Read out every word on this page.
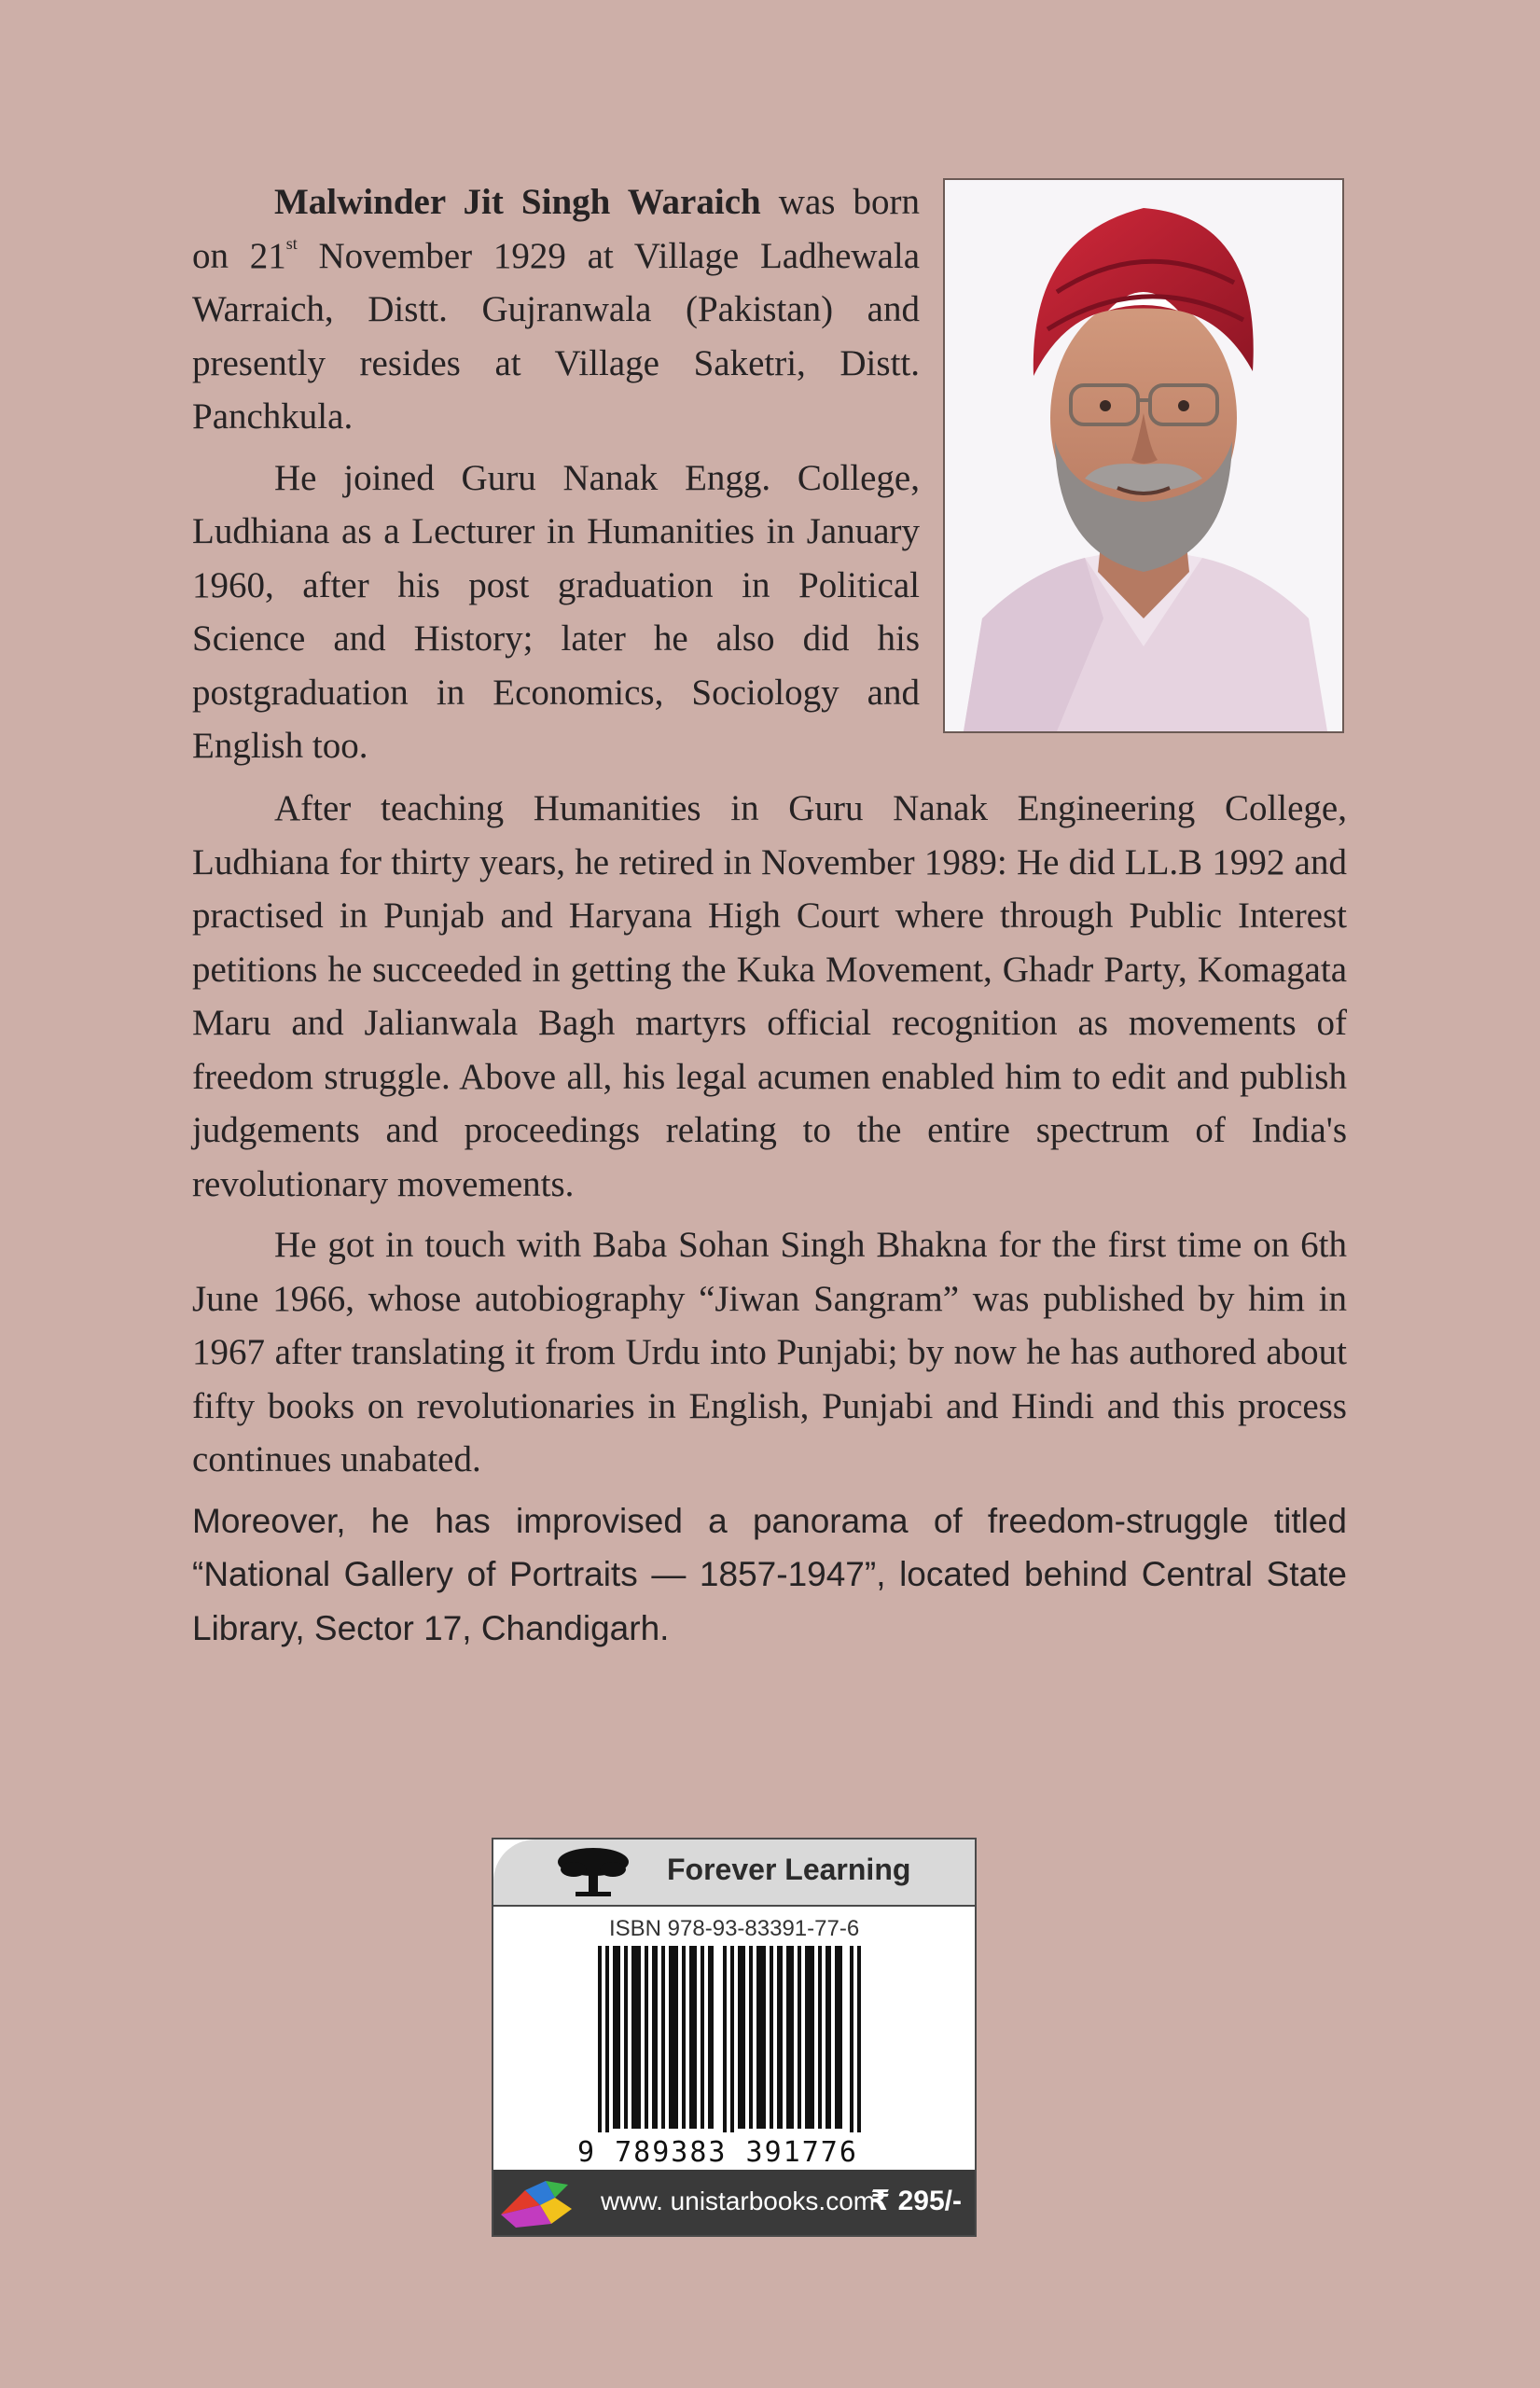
Malwinder Jit Singh Waraich was born on 21st November 1929 at Village Ladhewala Warraich, Distt. Gujranwala (Pakistan) and presently resides at Village Saketri, Distt. Panchkula.

He joined Guru Nanak Engg. College, Ludhiana as a Lecturer in Humanities in January 1960, after his post graduation in Political Science and History; later he also did his postgraduation in Economics, Sociology and English too.

After teaching Humanities in Guru Nanak Engineering College, Ludhiana for thirty years, he retired in November 1989: He did LL.B 1992 and practised in Punjab and Haryana High Court where through Public Interest petitions he succeeded in getting the Kuka Movement, Ghadr Party, Komagata Maru and Jalianwala Bagh martyrs official recognition as movements of freedom struggle. Above all, his legal acumen enabled him to edit and publish judgements and proceedings relating to the entire spectrum of India's revolutionary movements.

He got in touch with Baba Sohan Singh Bhakna for the first time on 6th June 1966, whose autobiography “Jiwan Sangram” was published by him in 1967 after translating it from Urdu into Punjabi; by now he has authored about fifty books on revolutionaries in English, Punjabi and Hindi and this process continues unabated.

Moreover, he has improvised a panorama of freedom-struggle titled “National Gallery of Portraits — 1857-1947”, located behind Central State Library, Sector 17, Chandigarh.

Forever Learning
ISBN 978-93-83391-77-6
9 789383 391776
www. unistarbooks.com
₹ 295/-
